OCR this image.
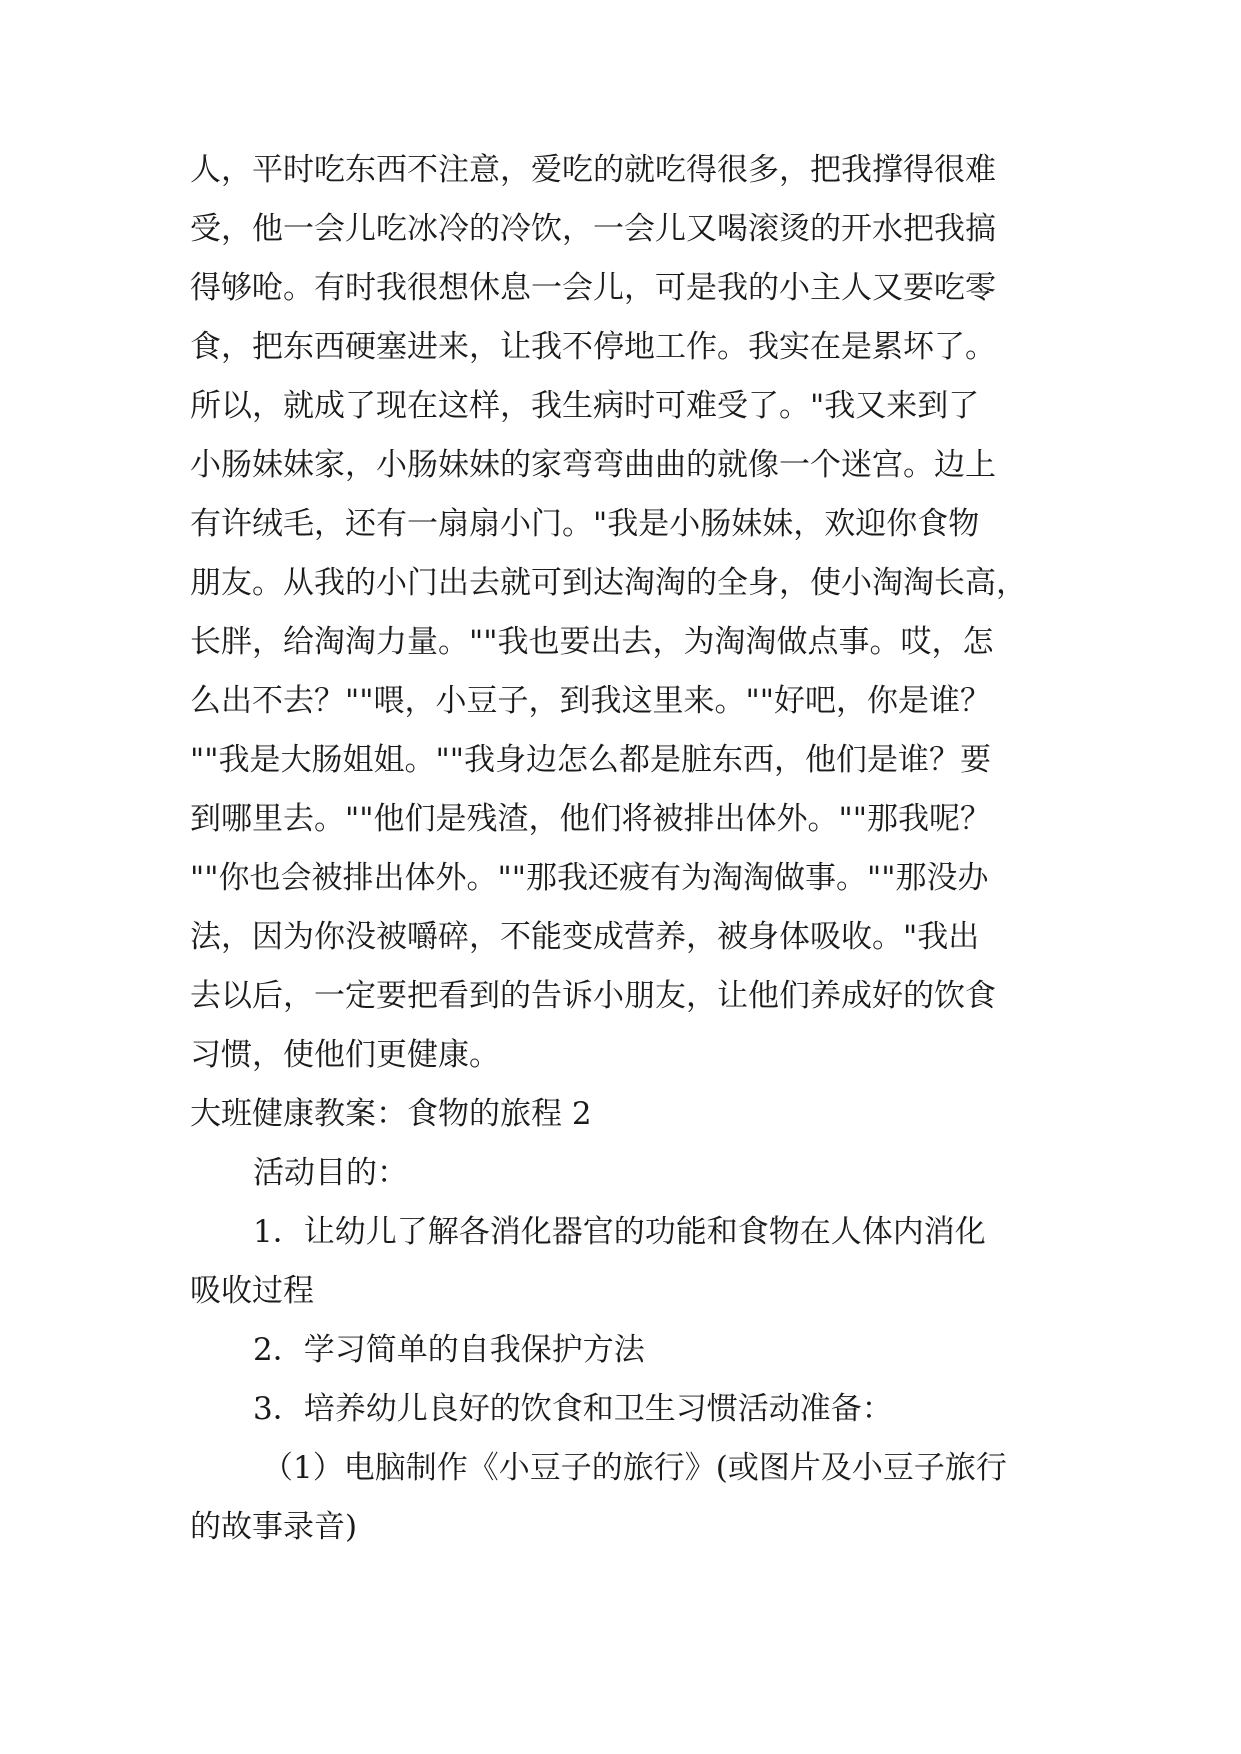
人，平时吃东西不注意，爱吃的就吃得很多，把我撑得很难
受，他一会儿吃冰冷的冷饮，一会儿又喝滚烫的开水把我搞
得够呛。有时我很想休息一会儿，可是我的小主人又要吃零
食，把东西硬塞进来，让我不停地工作。我实在是累坏了。
所以，就成了现在这样，我生病时可难受了。"我又来到了
小肠妹妹家，小肠妹妹的家弯弯曲曲的就像一个迷宫。边上
有许绒毛，还有一扇扇小门。"我是小肠妹妹，欢迎你食物
朋友。从我的小门出去就可到达淘淘的全身，使小淘淘长高，
长胖，给淘淘力量。""我也要出去，为淘淘做点事。哎，怎
么出不去？""喂，小豆子，到我这里来。""好吧，你是谁？
""我是大肠姐姐。""我身边怎么都是脏东西，他们是谁？要
到哪里去。""他们是残渣，他们将被排出体外。""那我呢？
""你也会被排出体外。""那我还疲有为淘淘做事。""那没办
法，因为你没被嚼碎，不能变成营养，被身体吸收。"我出
去以后，一定要把看到的告诉小朋友，让他们养成好的饮食
习惯，使他们更健康。
大班健康教案：食物的旅程 2
活动目的：
1．让幼儿了解各消化器官的功能和食物在人体内消化
吸收过程
2．学习简单的自我保护方法
3．培养幼儿良好的饮食和卫生习惯活动准备：
（1）电脑制作《小豆子的旅行》(或图片及小豆子旅行
的故事录音)
